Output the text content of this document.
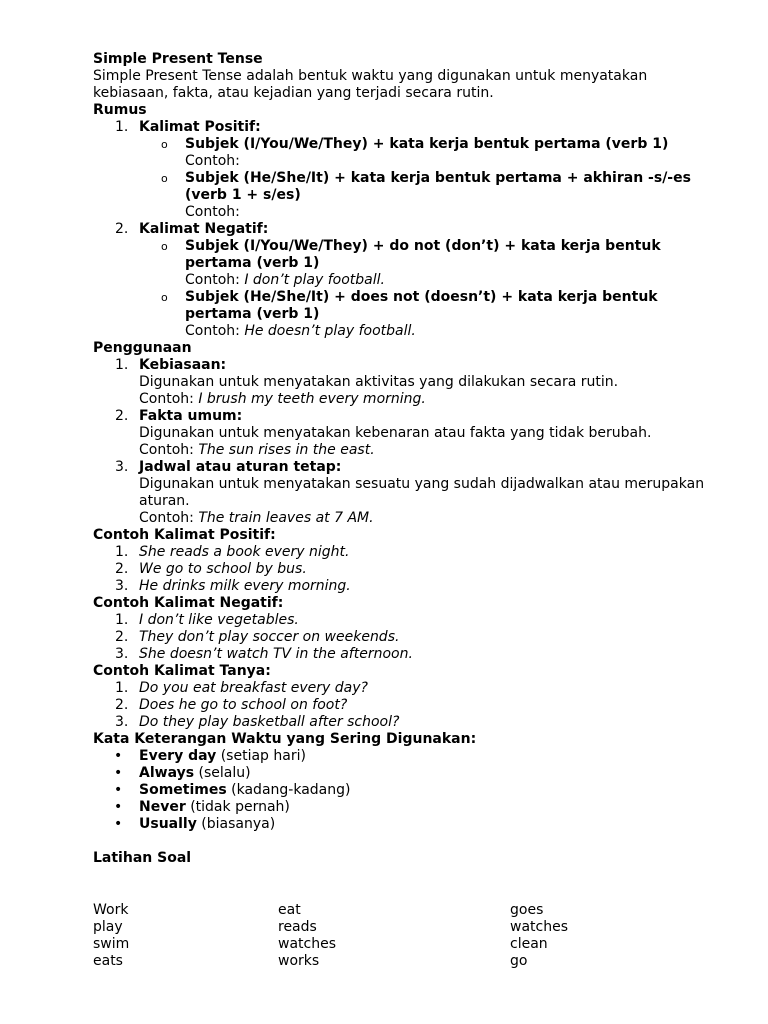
Simple Present Tense

Simple Present Tense adalah bentuk waktu yang digunakan untuk menyatakan kebiasaan, fakta, atau kejadian yang terjadi secara rutin.

Rumus

1. Kalimat Positif:
o Subjek (I/You/We/They) + kata kerja bentuk pertama (verb 1)
Contoh:
o Subjek (He/She/It) + kata kerja bentuk pertama + akhiran -s/-es (verb 1 + s/es)
Contoh:
2. Kalimat Negatif:
o Subjek (I/You/We/They) + do not (don’t) + kata kerja bentuk pertama (verb 1)
Contoh: I don’t play football.
o Subjek (He/She/It) + does not (doesn’t) + kata kerja bentuk pertama (verb 1)
Contoh: He doesn’t play football.

Penggunaan

1. Kebiasaan:
Digunakan untuk menyatakan aktivitas yang dilakukan secara rutin.
Contoh: I brush my teeth every morning.
2. Fakta umum:
Digunakan untuk menyatakan kebenaran atau fakta yang tidak berubah.
Contoh: The sun rises in the east.
3. Jadwal atau aturan tetap:
Digunakan untuk menyatakan sesuatu yang sudah dijadwalkan atau merupakan aturan.
Contoh: The train leaves at 7 AM.

Contoh Kalimat Positif:

1. She reads a book every night.
2. We go to school by bus.
3. He drinks milk every morning.

Contoh Kalimat Negatif:

1. I don’t like vegetables.
2. They don’t play soccer on weekends.
3. She doesn’t watch TV in the afternoon.

Contoh Kalimat Tanya:

1. Do you eat breakfast every day?
2. Does he go to school on foot?
3. Do they play basketball after school?

Kata Keterangan Waktu yang Sering Digunakan:

• Every day (setiap hari)
• Always (selalu)
• Sometimes (kadang-kadang)
• Never (tidak pernah)
• Usually (biasanya)

Latihan Soal

Work	eat	goes
play	reads	watches
swim	watches	clean
eats	works	go
